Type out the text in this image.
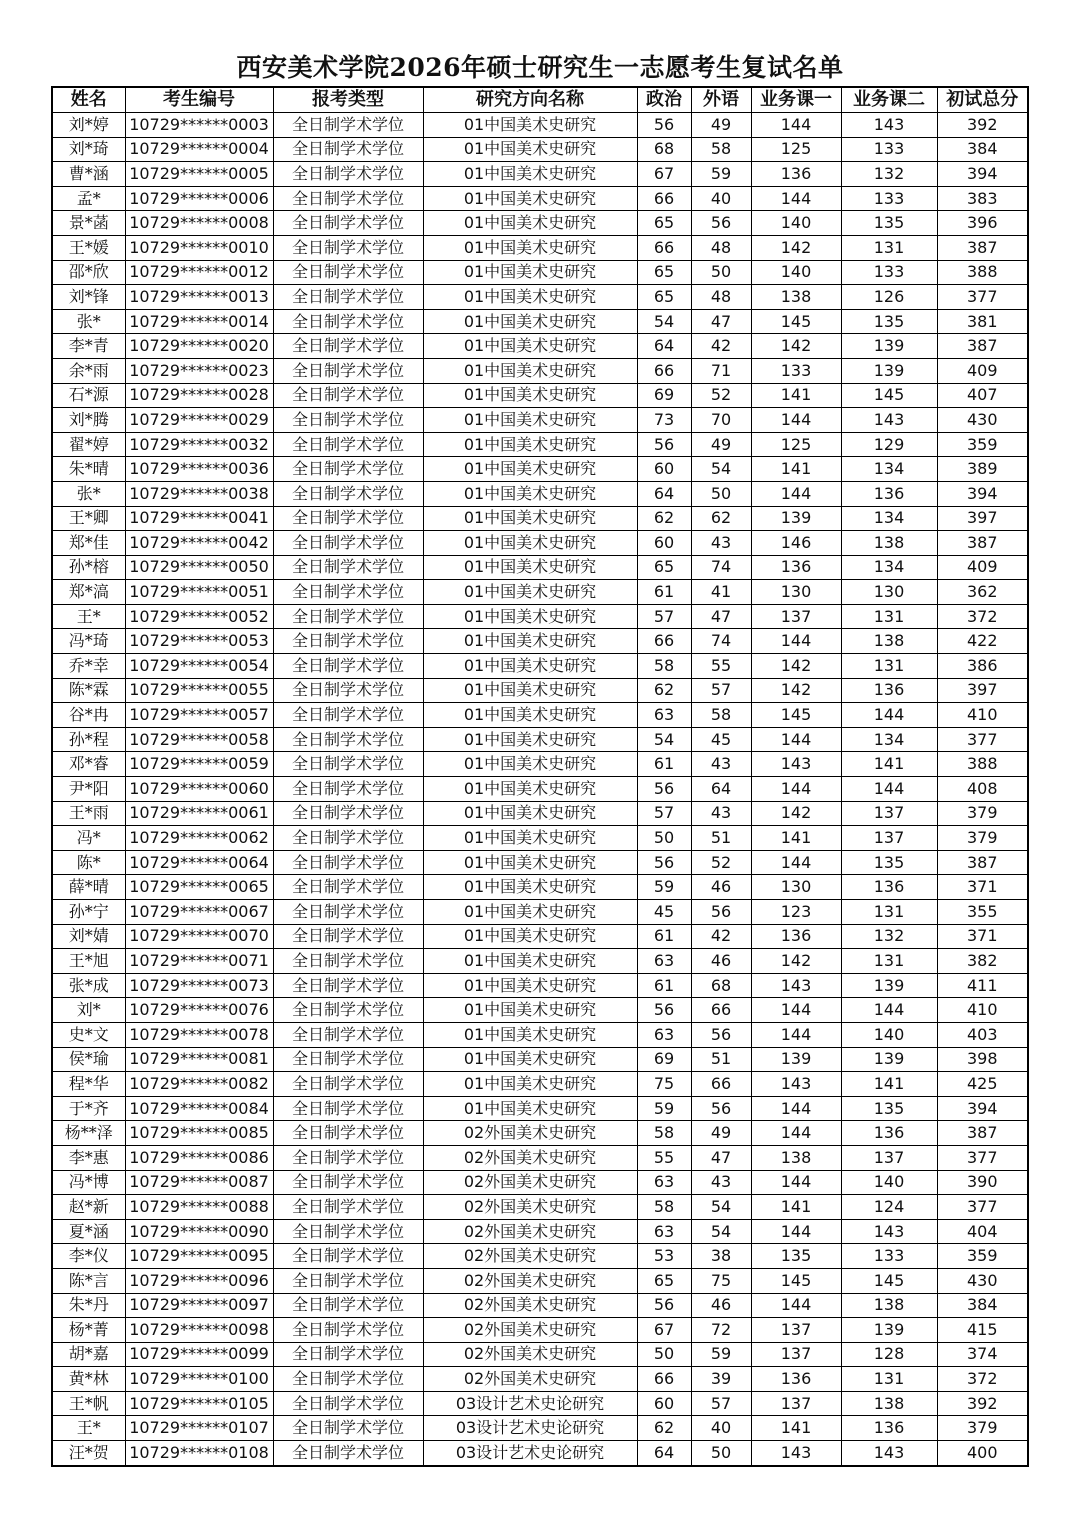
西安美术学院2026年硕士研究生一志愿考生复试名单
姓名	考生编号	报考类型	研究方向名称	政治	外语	业务课一	业务课二	初试总分
刘*婷	10729******0003	全日制学术学位	01中国美术史研究	56	49	144	143	392
刘*琦	10729******0004	全日制学术学位	01中国美术史研究	68	58	125	133	384
曹*涵	10729******0005	全日制学术学位	01中国美术史研究	67	59	136	132	394
孟*	10729******0006	全日制学术学位	01中国美术史研究	66	40	144	133	383
景*菡	10729******0008	全日制学术学位	01中国美术史研究	65	56	140	135	396
王*媛	10729******0010	全日制学术学位	01中国美术史研究	66	48	142	131	387
邵*欣	10729******0012	全日制学术学位	01中国美术史研究	65	50	140	133	388
刘*锋	10729******0013	全日制学术学位	01中国美术史研究	65	48	138	126	377
张*	10729******0014	全日制学术学位	01中国美术史研究	54	47	145	135	381
李*青	10729******0020	全日制学术学位	01中国美术史研究	64	42	142	139	387
余*雨	10729******0023	全日制学术学位	01中国美术史研究	66	71	133	139	409
石*源	10729******0028	全日制学术学位	01中国美术史研究	69	52	141	145	407
刘*腾	10729******0029	全日制学术学位	01中国美术史研究	73	70	144	143	430
翟*婷	10729******0032	全日制学术学位	01中国美术史研究	56	49	125	129	359
朱*晴	10729******0036	全日制学术学位	01中国美术史研究	60	54	141	134	389
张*	10729******0038	全日制学术学位	01中国美术史研究	64	50	144	136	394
王*卿	10729******0041	全日制学术学位	01中国美术史研究	62	62	139	134	397
郑*佳	10729******0042	全日制学术学位	01中国美术史研究	60	43	146	138	387
孙*榕	10729******0050	全日制学术学位	01中国美术史研究	65	74	136	134	409
郑*滈	10729******0051	全日制学术学位	01中国美术史研究	61	41	130	130	362
王*	10729******0052	全日制学术学位	01中国美术史研究	57	47	137	131	372
冯*琦	10729******0053	全日制学术学位	01中国美术史研究	66	74	144	138	422
乔*幸	10729******0054	全日制学术学位	01中国美术史研究	58	55	142	131	386
陈*霖	10729******0055	全日制学术学位	01中国美术史研究	62	57	142	136	397
谷*冉	10729******0057	全日制学术学位	01中国美术史研究	63	58	145	144	410
孙*程	10729******0058	全日制学术学位	01中国美术史研究	54	45	144	134	377
邓*睿	10729******0059	全日制学术学位	01中国美术史研究	61	43	143	141	388
尹*阳	10729******0060	全日制学术学位	01中国美术史研究	56	64	144	144	408
王*雨	10729******0061	全日制学术学位	01中国美术史研究	57	43	142	137	379
冯*	10729******0062	全日制学术学位	01中国美术史研究	50	51	141	137	379
陈*	10729******0064	全日制学术学位	01中国美术史研究	56	52	144	135	387
薛*晴	10729******0065	全日制学术学位	01中国美术史研究	59	46	130	136	371
孙*宁	10729******0067	全日制学术学位	01中国美术史研究	45	56	123	131	355
刘*婧	10729******0070	全日制学术学位	01中国美术史研究	61	42	136	132	371
王*旭	10729******0071	全日制学术学位	01中国美术史研究	63	46	142	131	382
张*成	10729******0073	全日制学术学位	01中国美术史研究	61	68	143	139	411
刘*	10729******0076	全日制学术学位	01中国美术史研究	56	66	144	144	410
史*文	10729******0078	全日制学术学位	01中国美术史研究	63	56	144	140	403
侯*瑜	10729******0081	全日制学术学位	01中国美术史研究	69	51	139	139	398
程*华	10729******0082	全日制学术学位	01中国美术史研究	75	66	143	141	425
于*齐	10729******0084	全日制学术学位	01中国美术史研究	59	56	144	135	394
杨**泽	10729******0085	全日制学术学位	02外国美术史研究	58	49	144	136	387
李*惠	10729******0086	全日制学术学位	02外国美术史研究	55	47	138	137	377
冯*博	10729******0087	全日制学术学位	02外国美术史研究	63	43	144	140	390
赵*新	10729******0088	全日制学术学位	02外国美术史研究	58	54	141	124	377
夏*涵	10729******0090	全日制学术学位	02外国美术史研究	63	54	144	143	404
李*仪	10729******0095	全日制学术学位	02外国美术史研究	53	38	135	133	359
陈*言	10729******0096	全日制学术学位	02外国美术史研究	65	75	145	145	430
朱*丹	10729******0097	全日制学术学位	02外国美术史研究	56	46	144	138	384
杨*菁	10729******0098	全日制学术学位	02外国美术史研究	67	72	137	139	415
胡*嘉	10729******0099	全日制学术学位	02外国美术史研究	50	59	137	128	374
黄*林	10729******0100	全日制学术学位	02外国美术史研究	66	39	136	131	372
王*帆	10729******0105	全日制学术学位	03设计艺术史论研究	60	57	137	138	392
王*	10729******0107	全日制学术学位	03设计艺术史论研究	62	40	141	136	379
汪*贺	10729******0108	全日制学术学位	03设计艺术史论研究	64	50	143	143	400
